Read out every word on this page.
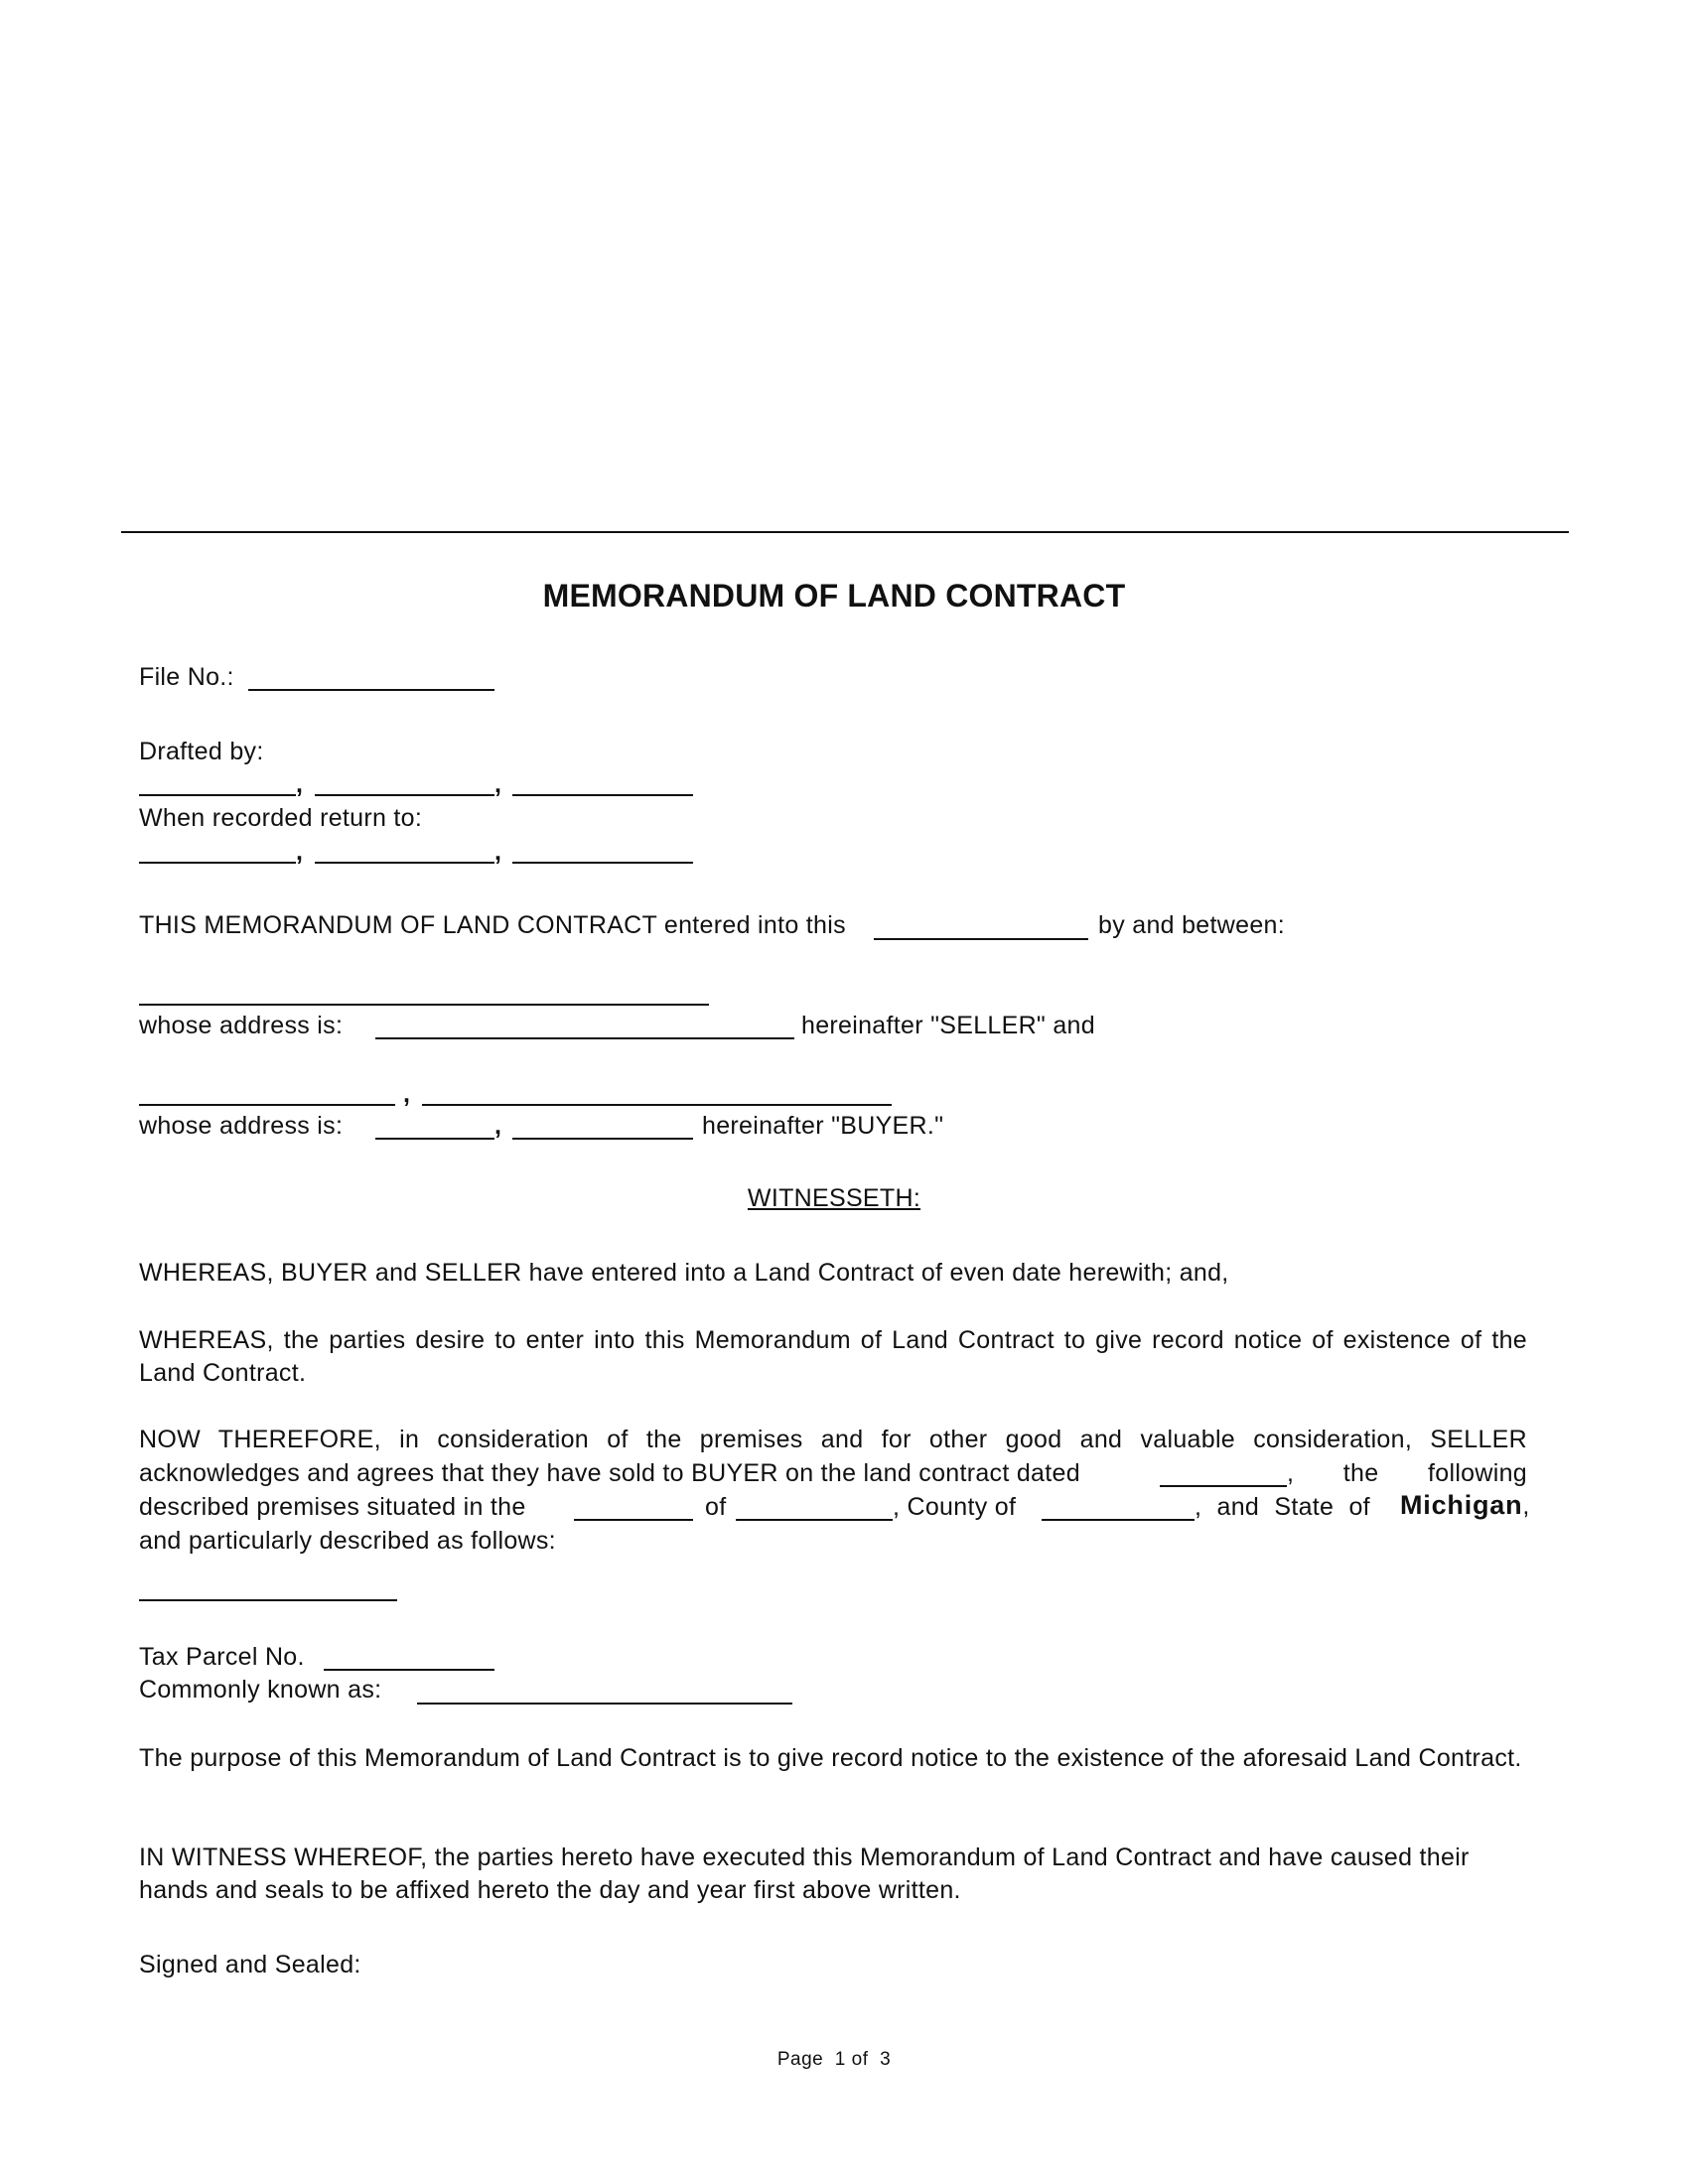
MEMORANDUM OF LAND CONTRACT
File No.:
Drafted by:
,	,
When recorded return to:
,	,
THIS MEMORANDUM OF LAND CONTRACT entered into this	by and between:
whose address is:	hereinafter "SELLER" and
,
whose address is:	,	hereinafter "BUYER."
WITNESSETH:
WHEREAS, BUYER and SELLER have entered into a Land Contract of even date herewith; and,
WHEREAS, the parties desire to enter into this Memorandum of Land Contract to give record notice of existence of the Land Contract.
NOW THEREFORE, in consideration of the premises and for other good and valuable consideration, SELLER
acknowledges and agrees that they have sold to BUYER on the land contract dated	, the following
described premises situated in the	of	, County of	, and State of Michigan,
and particularly described as follows:
Tax Parcel No.
Commonly known as:
The purpose of this Memorandum of Land Contract is to give record notice to the existence of the aforesaid Land Contract.
IN WITNESS WHEREOF, the parties hereto have executed this Memorandum of Land Contract and have caused their hands and seals to be affixed hereto the day and year first above written.
Signed and Sealed:
Page 1 of 3
